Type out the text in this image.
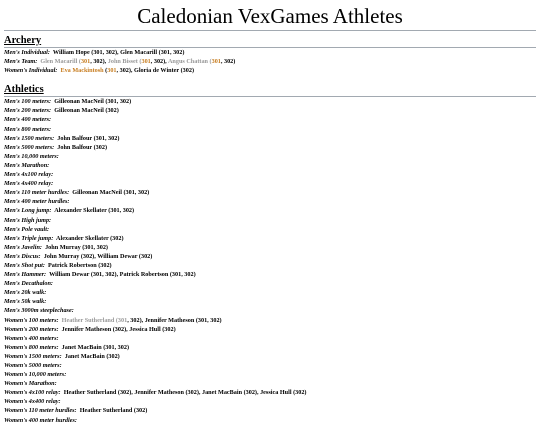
Caledonian VexGames Athletes
Archery
Men's Individual: William Hope (301, 302), Glen Macarill (301, 302)
Men's Team: Glen Macarill (301, 302), John Bisset (301, 302), Angus Chattan (301, 302)
Women's Individual: Eva Mackintosh (301, 302), Gloria de Winter (302)
Athletics
Men's 100 meters: Gilleonan MacNeil (301, 302)
Men's 200 meters: Gilleonan MacNeil (302)
Men's 400 meters:
Men's 800 meters:
Men's 1500 meters: John Balfour (301, 302)
Men's 5000 meters: John Balfour (302)
Men's 10,000 meters:
Men's Marathon:
Men's 4x100 relay:
Men's 4x400 relay:
Men's 110 meter hurdles: Gilleonan MacNeil (301, 302)
Men's 400 meter hurdles:
Men's Long jump: Alexander Skellater (301, 302)
Men's High jump:
Men's Pole vault:
Men's Triple jump: Alexander Skellater (302)
Men's Javelin: John Murray (301, 302)
Men's Discus: John Murray (302), William Dewar (302)
Men's Shot put: Patrick Robertson (302)
Men's Hammer: William Dewar (301, 302), Patrick Robertson (301, 302)
Men's Decathalon:
Men's 20k walk:
Men's 50k walk:
Men's 3000m steeplechase:
Women's 100 meters: Heather Sutherland (301, 302), Jennifer Matheson (301, 302)
Women's 200 meters: Jennifer Matheson (302), Jessica Hull (302)
Women's 400 meters:
Women's 800 meters: Janet MacBain (301, 302)
Women's 1500 meters: Janet MacBain (302)
Women's 5000 meters:
Women's 10,000 meters:
Women's Marathon:
Women's 4x100 relay: Heather Sutherland (302), Jennifer Matheson (302), Janet MacBain (302), Jessica Hull (302)
Women's 4x400 relay:
Women's 110 meter hurdles: Heather Sutherland (302)
Women's 400 meter hurdles:
